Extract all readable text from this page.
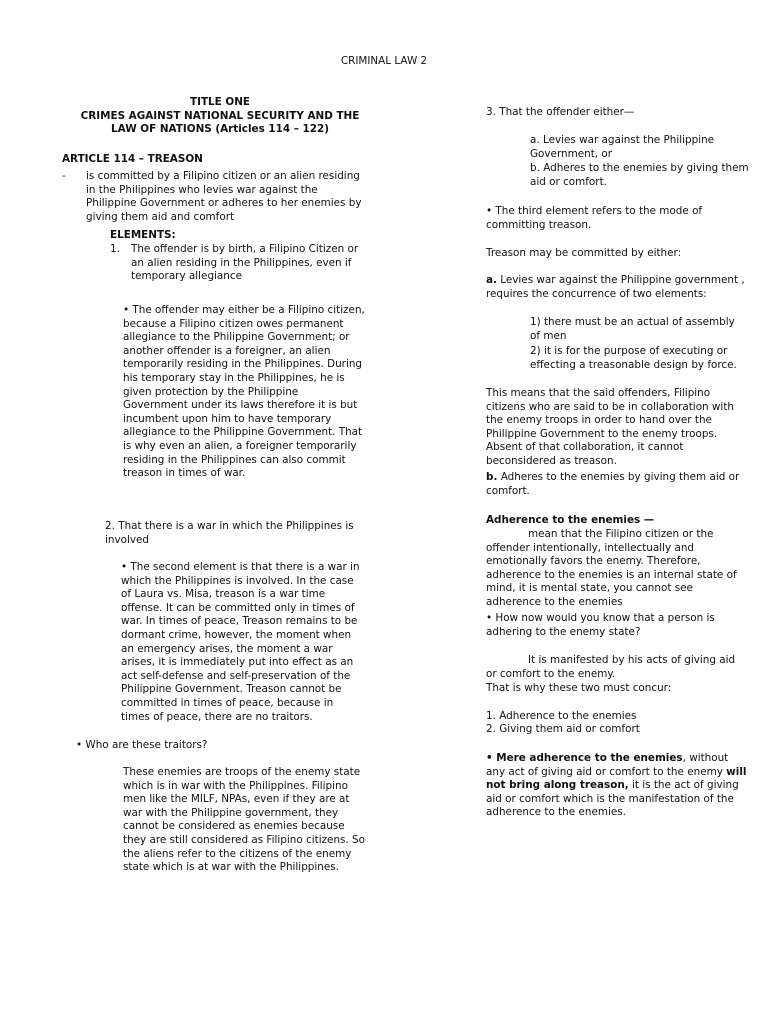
CRIMINAL LAW 2
TITLE ONE
CRIMES AGAINST NATIONAL SECURITY AND THE
LAW OF NATIONS (Articles 114 – 122)
ARTICLE 114 – TREASON
- is committed by a Filipino citizen or an alien residing in the Philippines who levies war against the Philippine Government or adheres to her enemies by giving them aid and comfort
ELEMENTS:
1. The offender is by birth, a Filipino Citizen or an alien residing in the Philippines, even if temporary allegiance
• The offender may either be a Filipino citizen, because a Filipino citizen owes permanent allegiance to the Philippine Government; or another offender is a foreigner, an alien temporarily residing in the Philippines. During his temporary stay in the Philippines, he is given protection by the Philippine Government under its laws therefore it is but incumbent upon him to have temporary allegiance to the Philippine Government. That is why even an alien, a foreigner temporarily residing in the Philippines can also commit treason in times of war.
2. That there is a war in which the Philippines is involved
• The second element is that there is a war in which the Philippines is involved. In the case of Laura vs. Misa, treason is a war time offense. It can be committed only in times of war. In times of peace, Treason remains to be dormant crime, however, the moment when an emergency arises, the moment a war arises, it is immediately put into effect as an act self-defense and self-preservation of the Philippine Government. Treason cannot be committed in times of peace, because in times of peace, there are no traitors.
• Who are these traitors?
These enemies are troops of the enemy state which is in war with the Philippines. Filipino men like the MILF, NPAs, even if they are at war with the Philippine government, they cannot be considered as enemies because they are still considered as Filipino citizens. So the aliens refer to the citizens of the enemy state which is at war with the Philippines.
3. That the offender either—
a. Levies war against the Philippine Government, or
b. Adheres to the enemies by giving them aid or comfort.
• The third element refers to the mode of committing treason.
Treason may be committed by either:
a. Levies war against the Philippine government , requires the concurrence of two elements:
1) there must be an actual of assembly of men
2) it is for the purpose of executing or effecting a treasonable design by force.
This means that the said offenders, Filipino citizens who are said to be in collaboration with the enemy troops in order to hand over the Philippine Government to the enemy troops. Absent of that collaboration, it cannot beconsidered as treason.
b. Adheres to the enemies by giving them aid or comfort.
Adherence to the enemies —
mean that the Filipino citizen or the offender intentionally, intellectually and emotionally favors the enemy. Therefore, adherence to the enemies is an internal state of mind, it is mental state, you cannot see adherence to the enemies
• How now would you know that a person is adhering to the enemy state?
It is manifested by his acts of giving aid or comfort to the enemy.
That is why these two must concur:
1. Adherence to the enemies
2. Giving them aid or comfort
• Mere adherence to the enemies, without any act of giving aid or comfort to the enemy will not bring along treason, it is the act of giving aid or comfort which is the manifestation of the adherence to the enemies.
